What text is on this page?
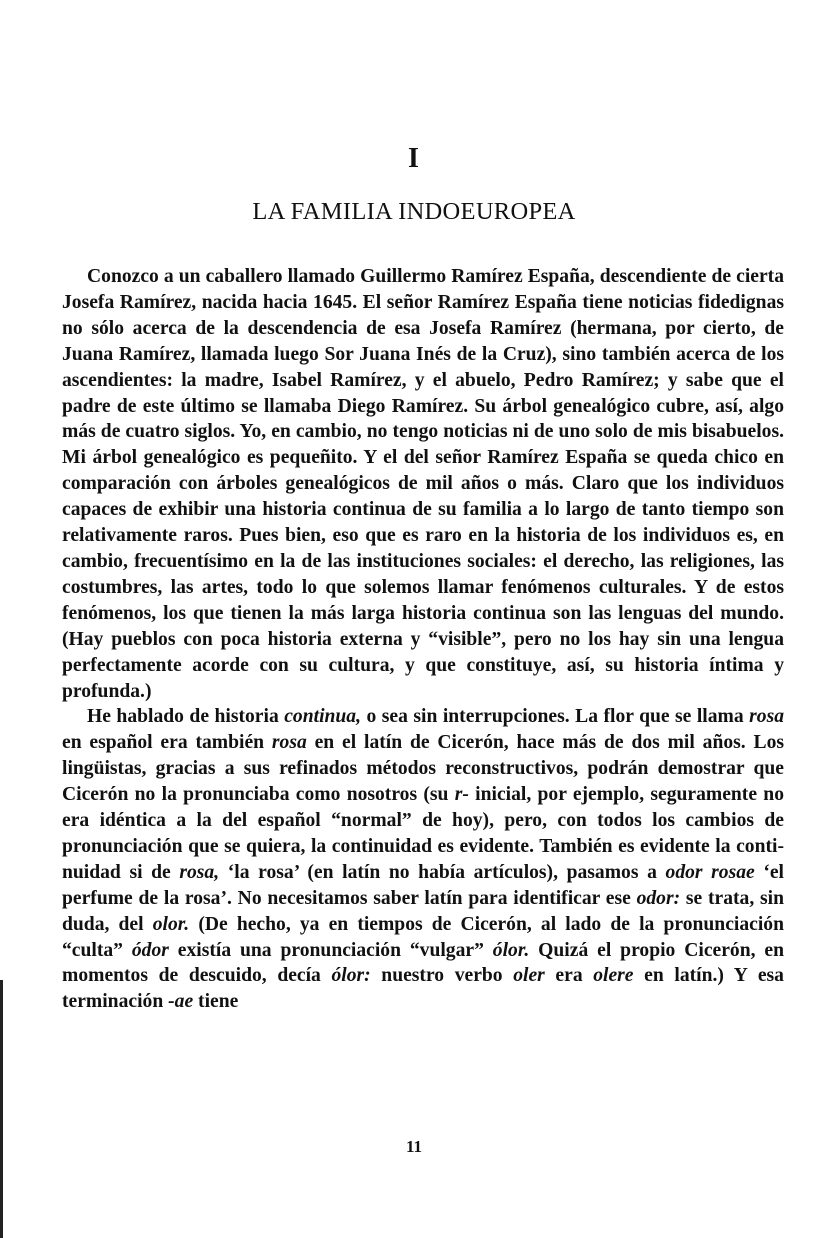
I
LA FAMILIA INDOEUROPEA

Conozco a un caballero llamado Guillermo Ramírez España, descendiente de cierta Josefa Ramírez, nacida hacia 1645. El señor Ramírez España tiene noticias fidedignas no sólo acerca de la descendencia de esa Josefa Ramírez (hermana, por cierto, de Juana Ramírez, llamada luego Sor Juana Inés de la Cruz), sino también acerca de los ascendientes: la madre, Isabel Ramírez, y el abuelo, Pedro Ramírez; y sabe que el padre de este último se llamaba Diego Ramírez. Su árbol genealógico cubre, así, algo más de cuatro siglos. Yo, en cambio, no tengo noticias ni de uno solo de mis bisabuelos. Mi árbol genealógico es pequeñito. Y el del señor Ramírez España se queda chico en comparación con árboles genealógicos de mil años o más. Claro que los individuos capaces de exhibir una historia continua de su familia a lo largo de tanto tiempo son relativamente raros. Pues bien, eso que es raro en la historia de los individuos es, en cambio, frecuentísimo en la de las instituciones sociales: el derecho, las religiones, las costumbres, las artes, todo lo que solemos llamar fenómenos culturales. Y de estos fenómenos, los que tienen la más larga historia continua son las lenguas del mundo. (Hay pueblos con poca historia externa y “visible”, pero no los hay sin una lengua perfectamente acorde con su cultura, y que constituye, así, su historia íntima y profunda.)

He hablado de historia continua, o sea sin interrupciones. La flor que se llama rosa en español era también rosa en el latín de Cicerón, hace más de dos mil años. Los lingüistas, gracias a sus refinados métodos reconstructivos, podrán demostrar que Cicerón no la pronunciaba como nosotros (su r- inicial, por ejemplo, seguramente no era idéntica a la del español “normal” de hoy), pero, con todos los cambios de pronunciación que se quiera, la continuidad es evidente. También es evidente la continuidad si de rosa, ‘la rosa’ (en latín no había artículos), pasamos a odor rosae ‘el perfume de la rosa’. No necesitamos saber latín para identificar ese odor: se trata, sin duda, del olor. (De hecho, ya en tiempos de Cicerón, al lado de la pronunciación “culta” ódor existía una pronunciación “vulgar” ólor. Quizá el propio Cicerón, en momentos de descuido, decía ólor: nuestro verbo oler era olere en latín.) Y esa terminación -ae tiene

11
